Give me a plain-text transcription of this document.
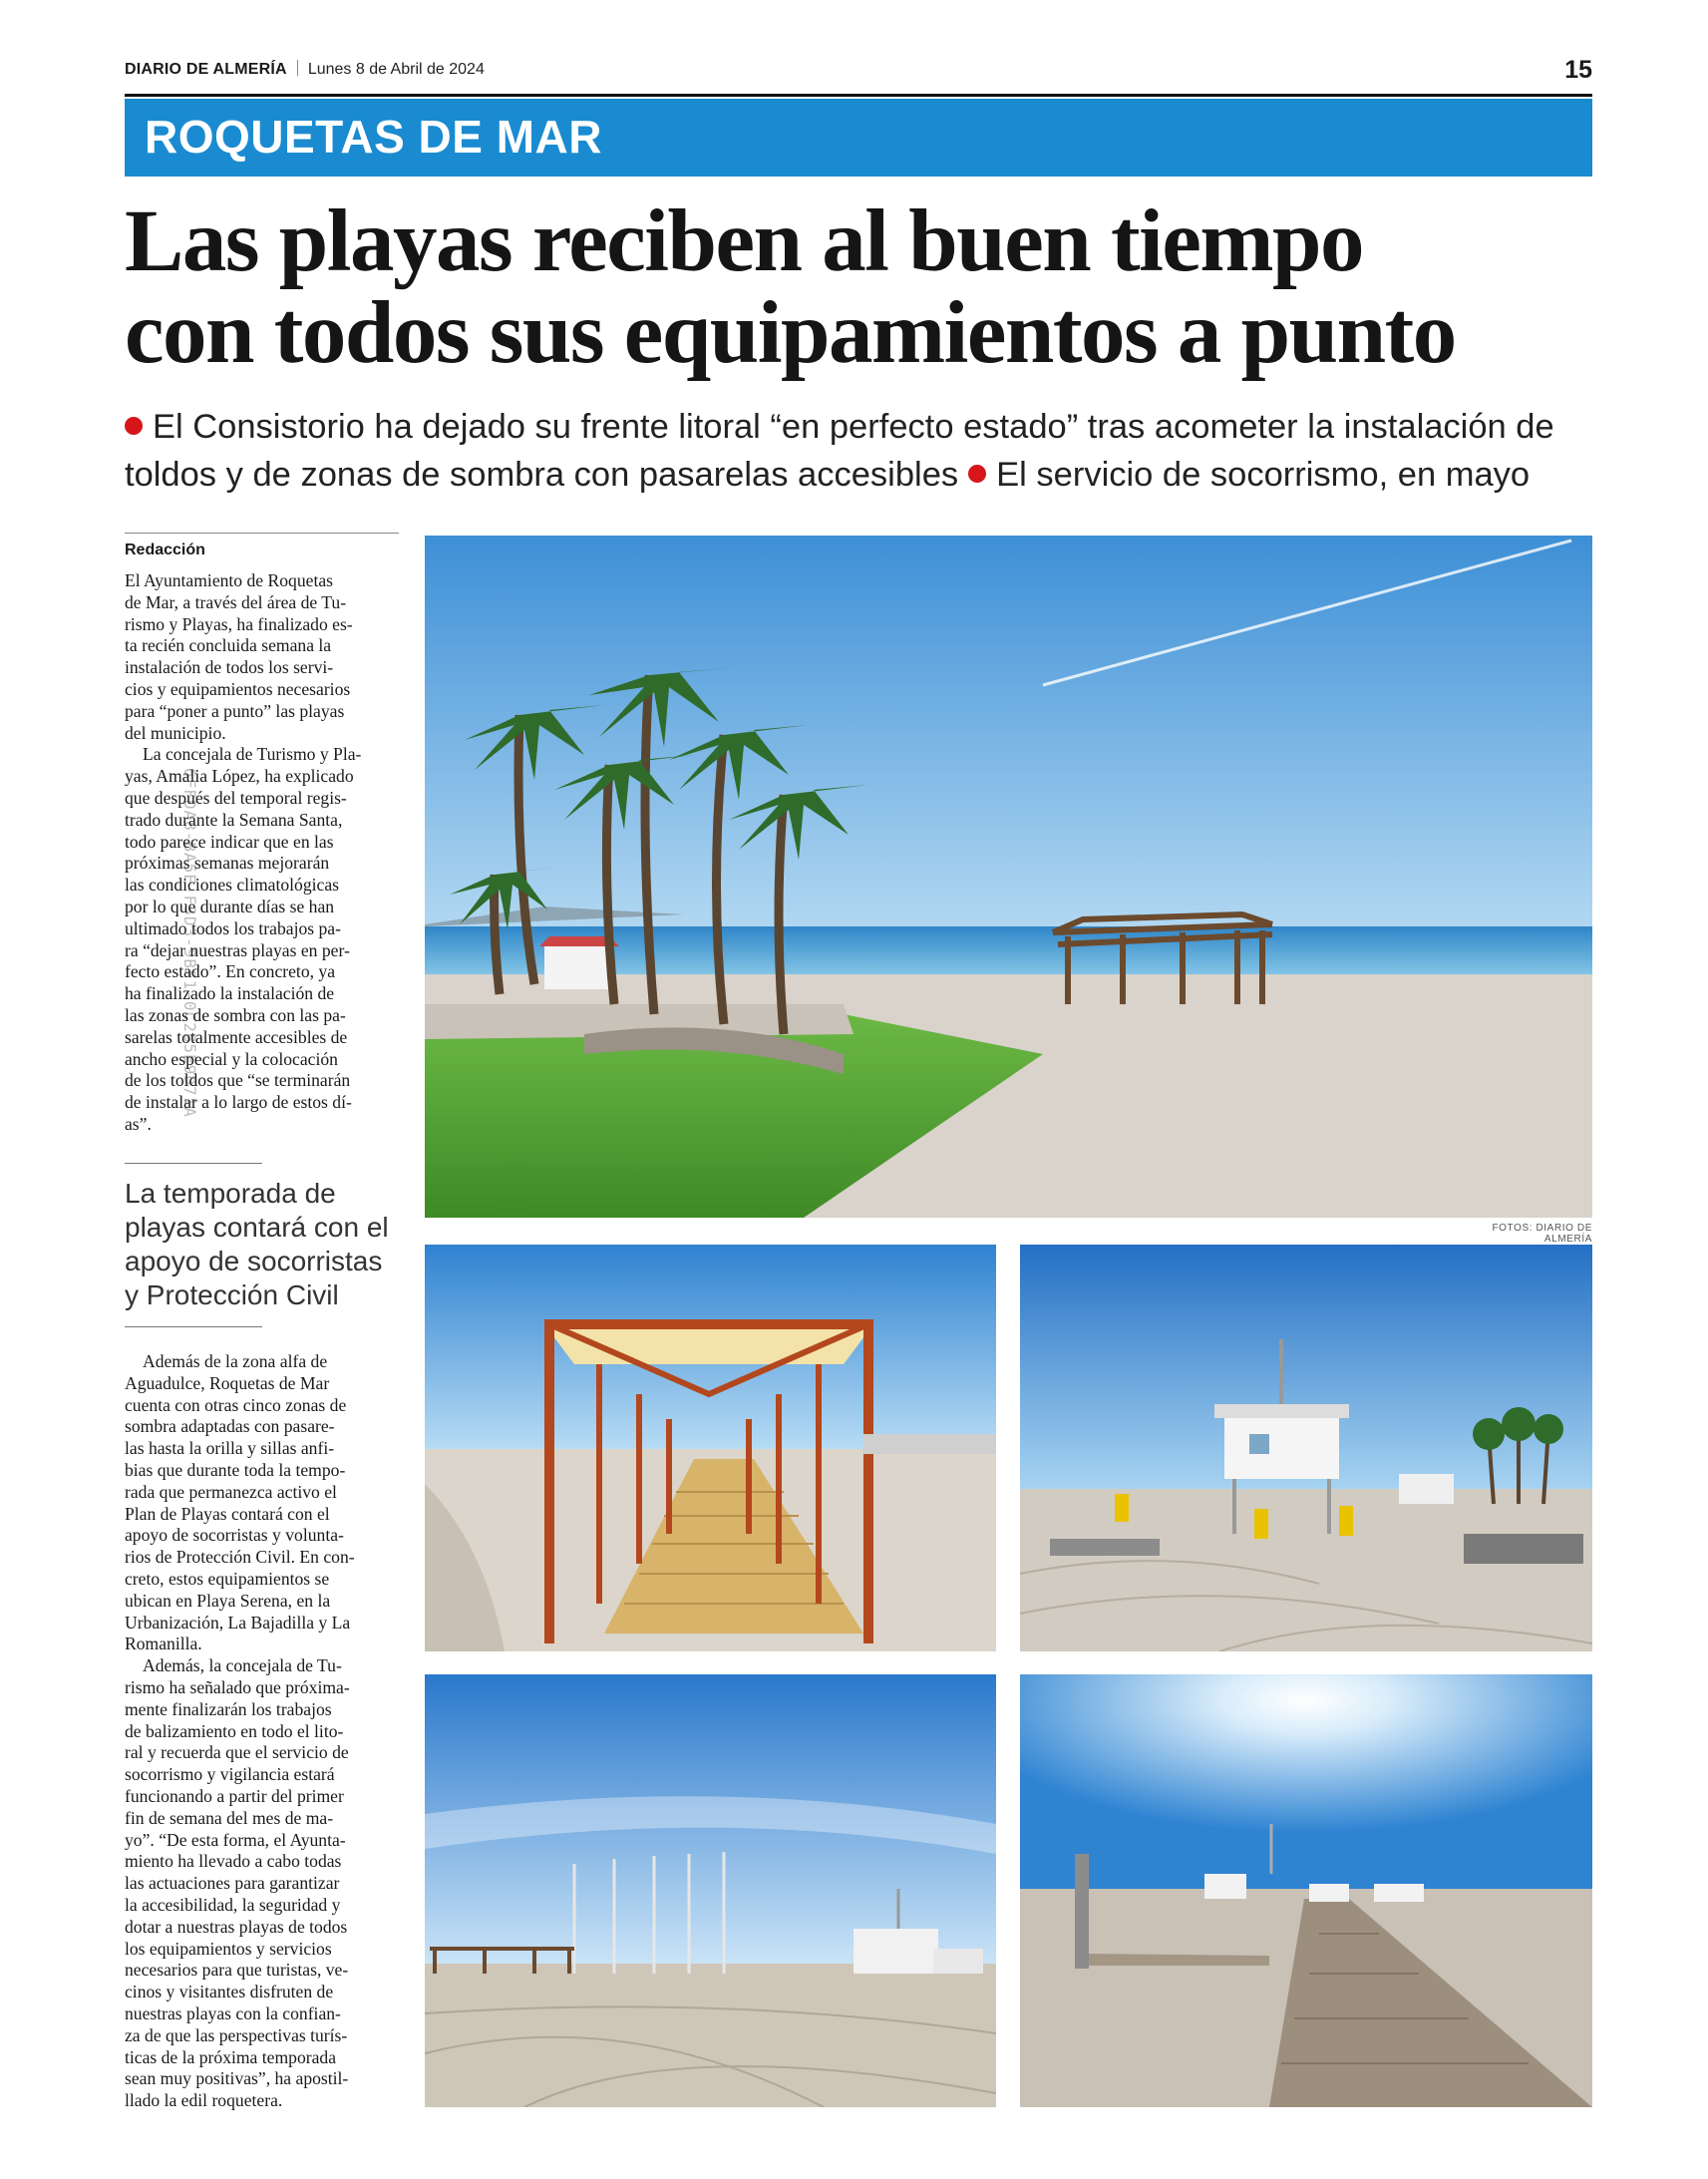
DIARIO DE ALMERÍA Lunes 8 de Abril de 2024	15
ROQUETAS DE MAR
Las playas reciben al buen tiempo
con todos sus equipamientos a punto
El Consistorio ha dejado su frente litoral “en perfecto estado” tras acometer la instalación de
toldos y de zonas de sombra con pasarelas accesibles El servicio de socorrismo, en mayo
Redacción
El Ayuntamiento de Roquetas
de Mar, a través del área de Tu-
rismo y Playas, ha finalizado es-
ta recién concluida semana la
instalación de todos los servi-
cios y equipamientos necesarios
para “poner a punto” las playas
del municipio.
La concejala de Turismo y Pla-
yas, Amalia López, ha explicado
que después del temporal regis-
trado durante la Semana Santa,
todo parece indicar que en las
próximas semanas mejorarán
las condiciones climatológicas
por lo que durante días se han
ultimado todos los trabajos pa-
ra “dejar nuestras playas en per-
fecto estado”. En concreto, ya
ha finalizado la instalación de
las zonas de sombra con las pa-
sarelas totalmente accesibles de
ancho especial y la colocación
de los toldos que “se terminarán
de instalar a lo largo de estos dí-
as”.
La temporada de
playas contará con el
apoyo de socorristas
y Protección Civil
Además de la zona alfa de
Aguadulce, Roquetas de Mar
cuenta con otras cinco zonas de
sombra adaptadas con pasare-
las hasta la orilla y sillas anfi-
bias que durante toda la tempo-
rada que permanezca activo el
Plan de Playas contará con el
apoyo de socorristas y volunta-
rios de Protección Civil. En con-
creto, estos equipamientos se
ubican en Playa Serena, en la
Urbanización, La Bajadilla y La
Romanilla.
Además, la concejala de Tu-
rismo ha señalado que próxima-
mente finalizarán los trabajos
de balizamiento en todo el lito-
ral y recuerda que el servicio de
socorrismo y vigilancia estará
funcionando a partir del primer
fin de semana del mes de ma-
yo”. “De esta forma, el Ayunta-
miento ha llevado a cabo todas
las actuaciones para garantizar
la accesibilidad, la seguridad y
dotar a nuestras playas de todos
los equipamientos y servicios
necesarios para que turistas, ve-
cinos y visitantes disfruten de
nuestras playas con la confian-
za de que las perspectivas turís-
ticas de la próxima temporada
sean muy positivas”, ha apostil-
llado la edil roquetera.
6FFDA8-BA5E-F3D3-9BF1-0C2B5E9D71A
FOTOS: DIARIO DE ALMERÍA
